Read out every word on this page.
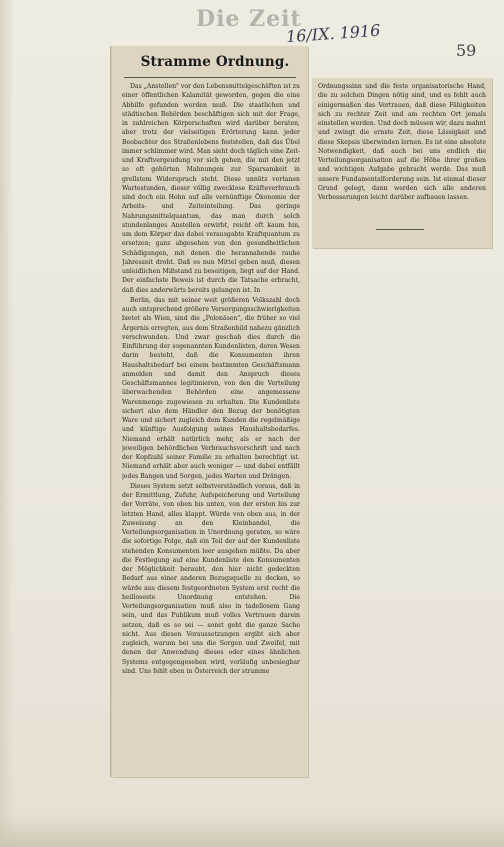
Die Zeit
16/IX. 1916
59
Stramme Ordnung.

Das „Anstellen" vor den Lebensmittelgeschäften ist zu einer öffentlichen Kalamität geworden, gegen die eine Abhilfe gefunden werden muß. Die staatlichen und städtischen Behörden beschäftigen sich mit der Frage, in zahlreichen Körperschaften wird darüber beraten, aber trotz der vielseitigen Erörterung kann jeder Beobachter des Straßenlebens feststellen, daß das Übel immer schlimmer wird. Man sieht doch täglich eine Zeit- und Kraftvergeudung vor sich gehen, die mit den jetzt so oft gehörten Mahnungen zur Sparsamkeit in grellstem Widerspruch steht. Diese unnütz vertanen Wartestunden, dieser völlig zwecklose Kräfteverbrauch sind doch ein Hohn auf alle vernünftige Ökonomie der Arbeits- und Zeiteinteilung. Das geringe Nahrungsmittelquantum, das man durch solch stundenlanges Anstellen erwirbt, reicht oft kaum hin, um dem Körper das dabei verausgabte Kraftquantum zu ersetzen; ganz abgesehen von den gesundheitlichen Schädigungen, mit denen die herannahende rauhe Jahreszeit droht. Daß es nun Mittel geben muß, diesen unleidlichen Mißstand zu beseitigen, liegt auf der Hand. Der einfachste Beweis ist durch die Tatsache erbracht, daß dies anderwärts bereits gelungen ist. In

Berlin, das mit seiner weit größeren Volkszahl doch auch entsprechend größere Versorgungsschwierigkeiten bietet als Wien, sind die „Polonäsen", die früher so viel Ärgernis erregten, aus dem Straßenbild nahezu gänzlich verschwunden. Und zwar geschah dies durch die Einführung der sogenannten Kundenlisten, deren Wesen darin besteht, daß die Konsumenten ihren Haushaltsbedarf bei einem bestimmten Geschäftsmann anmelden und damit den Anspruch dieses Geschäftsmannes legitimieren, von den die Verteilung überwachenden Behörden eine angemessene Warenmenge zugewiesen zu erhalten. Die Kundenliste sichert also dem Händler den Bezug der benötigten Ware und sichert zugleich dem Kunden die regelmäßige und künftige Ausfolgung seines Haushaltsbedarfes. Niemand erhält natürlich mehr, als er nach der jeweiligen behördlichen Verbrauchsvorschrift und nach der Kopfzahl seiner Familie zu erhalten berechtigt ist. Niemand erhält aber auch weniger — und dabei entfällt jedes Bangen und Sorgen, jedes Warten und Drängen.

Dieses System setzt selbstverständlich voraus, daß in der Ermittlung, Zufuhr, Aufspeicherung und Verteilung der Vorräte, von oben bis unten, von der ersten bis zur letzten Hand, alles klappt. Würde von oben aus, in der Zuweisung an den Kleinhandel, die Verteilungsorganisation in Unordnung geraten, so wäre die sofortige Folge, daß ein Teil der auf der Kundenliste stehenden Konsumenten leer ausgehen müßte. Da aber die Festlegung auf eine Kundenliste den Konsumenten der Möglichkeit beraubt, den hier nicht gedeckten Bedarf aus einer anderen Bezugsquelle zu decken, so würde aus diesem festgeordneten System erst recht die heilloseste Unordnung entstehen. Die Verteilungsorganisation muß also in tadellosem Gang sein, und das Publikum muß volles Vertrauen darein setzen, daß es so sei — sonst geht die ganze Sache nicht. Aus diesen Voraussetzungen ergibt sich aber zugleich, warum bei uns die Sorgen und Zweifel, mit denen der Anwendung dieses oder eines ähnlichen Systems entgegengesehen wird, vorläufig unbesiegbar sind. Uns fehlt eben in Österreich der stramme

Ordnungssinn und die feste organisatorische Hand, die zu solchen Dingen nötig sind, und es fehlt auch einigermaßen das Vertrauen, daß diese Fähigkeiten sich zu rechter Zeit und am rechten Ort jemals einstellen werden. Und doch müssen wir, dazu mahnt und zwingt die ernste Zeit, diese Lässigkeit und diese Skepsis überwinden lernen. Es ist eine absolute Notwendigkeit, daß auch bei uns endlich die Verteilungsorganisation auf die Höhe ihrer großen und wichtigen Aufgabe gebracht werde. Das muß unsere Fundamentalforderung sein. Ist einmal dieser Grund gelegt, dann werden sich alle anderen Verbesserungen leicht darüber aufbauen lassen.
